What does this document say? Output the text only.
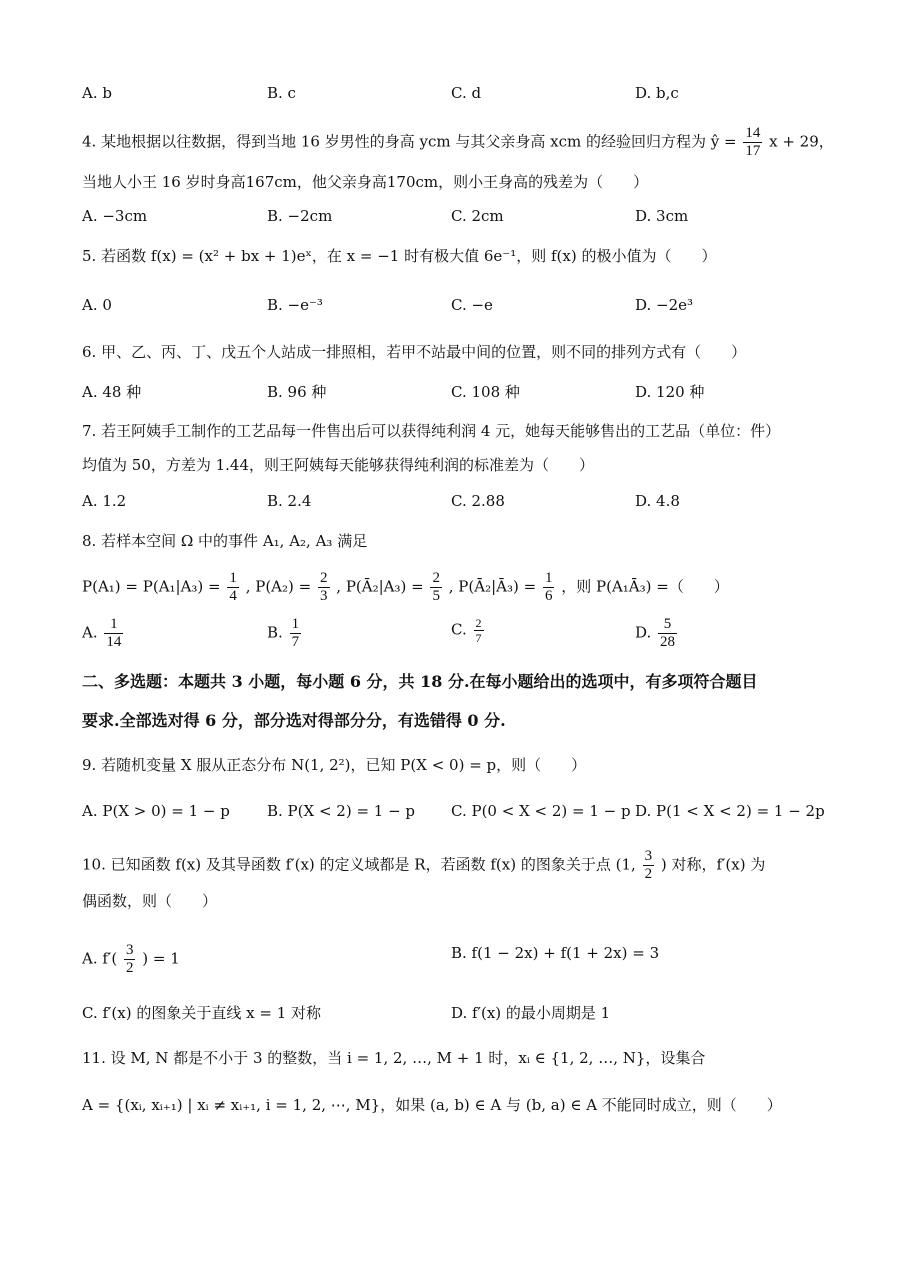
A. b	B. c	C. d	D. b,c
4. 某地根据以往数据，得到当地 16 岁男性的身高 ycm 与其父亲身高 xcm 的经验回归方程为 ŷ = $\frac{14}{17}$ x + 29，
当地人小王 16 岁时身高167cm，他父亲身高170cm，则小王身高的残差为（　　）
A. −3cm	B. −2cm	C. 2cm	D. 3cm
5. 若函数 f(x) = (x² + bx + 1)eˣ，在 x = −1 时有极大值 6e⁻¹，则 f(x) 的极小值为（　　）
A. 0	B. −e⁻³	C. −e	D. −2e³
6. 甲、乙、丙、丁、戊五个人站成一排照相，若甲不站最中间的位置，则不同的排列方式有（　　）
A. 48 种	B. 96 种	C. 108 种	D. 120 种
7. 若王阿姨手工制作的工艺品每一件售出后可以获得纯利润 4 元，她每天能够售出的工艺品（单位：件）
均值为 50，方差为 1.44，则王阿姨每天能够获得纯利润的标准差为（　　）
A. 1.2	B. 2.4	C. 2.88	D. 4.8
8. 若样本空间 Ω 中的事件 A₁, A₂, A₃ 满足
$P(A_1) = P(A_1|A_3) = \frac{1}{4}$ , $P(A_2) = \frac{2}{3}$ , P(Ā₂|A₃) = $\frac{2}{5}$ , P(Ā₂|Ā₃) = $\frac{1}{6}$ ，则 P(A₁Ā₃) =（　　）
A. $\frac{1}{14}$	B. $\frac{1}{7}$	C. $\frac{2}{7}$	D. $\frac{5}{28}$
二、多选题：本题共 3 小题，每小题 6 分，共 18 分.在每小题给出的选项中，有多项符合题目
要求.全部选对得 6 分，部分选对得部分分，有选错得 0 分.
9. 若随机变量 X 服从正态分布 N(1, 2²)，已知 P(X < 0) = p，则（　　）
A. P(X > 0) = 1 − p B. P(X < 2) = 1 − p C. P(0 < X < 2) = 1 − p D. P(1 < X < 2) = 1 − 2p
10. 已知函数 f(x) 及其导函数 f′(x) 的定义域都是 R，若函数 f(x) 的图象关于点 (1, $\frac{3}{2}$ ) 对称，f′(x) 为
偶函数，则（　　）
A. $f'( \frac{3}{2}$ ) = 1	B. f(1 − 2x) + f(1 + 2x) = 3
C. f′(x) 的图象关于直线 x = 1 对称	D. f′(x) 的最小周期是 1
11. 设 M, N 都是不小于 3 的整数，当 i = 1, 2, …, M + 1 时，xᵢ ∈ {1, 2, …, N}，设集合
A = {(xᵢ, xᵢ₊₁) | xᵢ ≠ xᵢ₊₁, i = 1, 2, ⋯, M}，如果 (a, b) ∈ A 与 (b, a) ∈ A 不能同时成立，则（　　）
